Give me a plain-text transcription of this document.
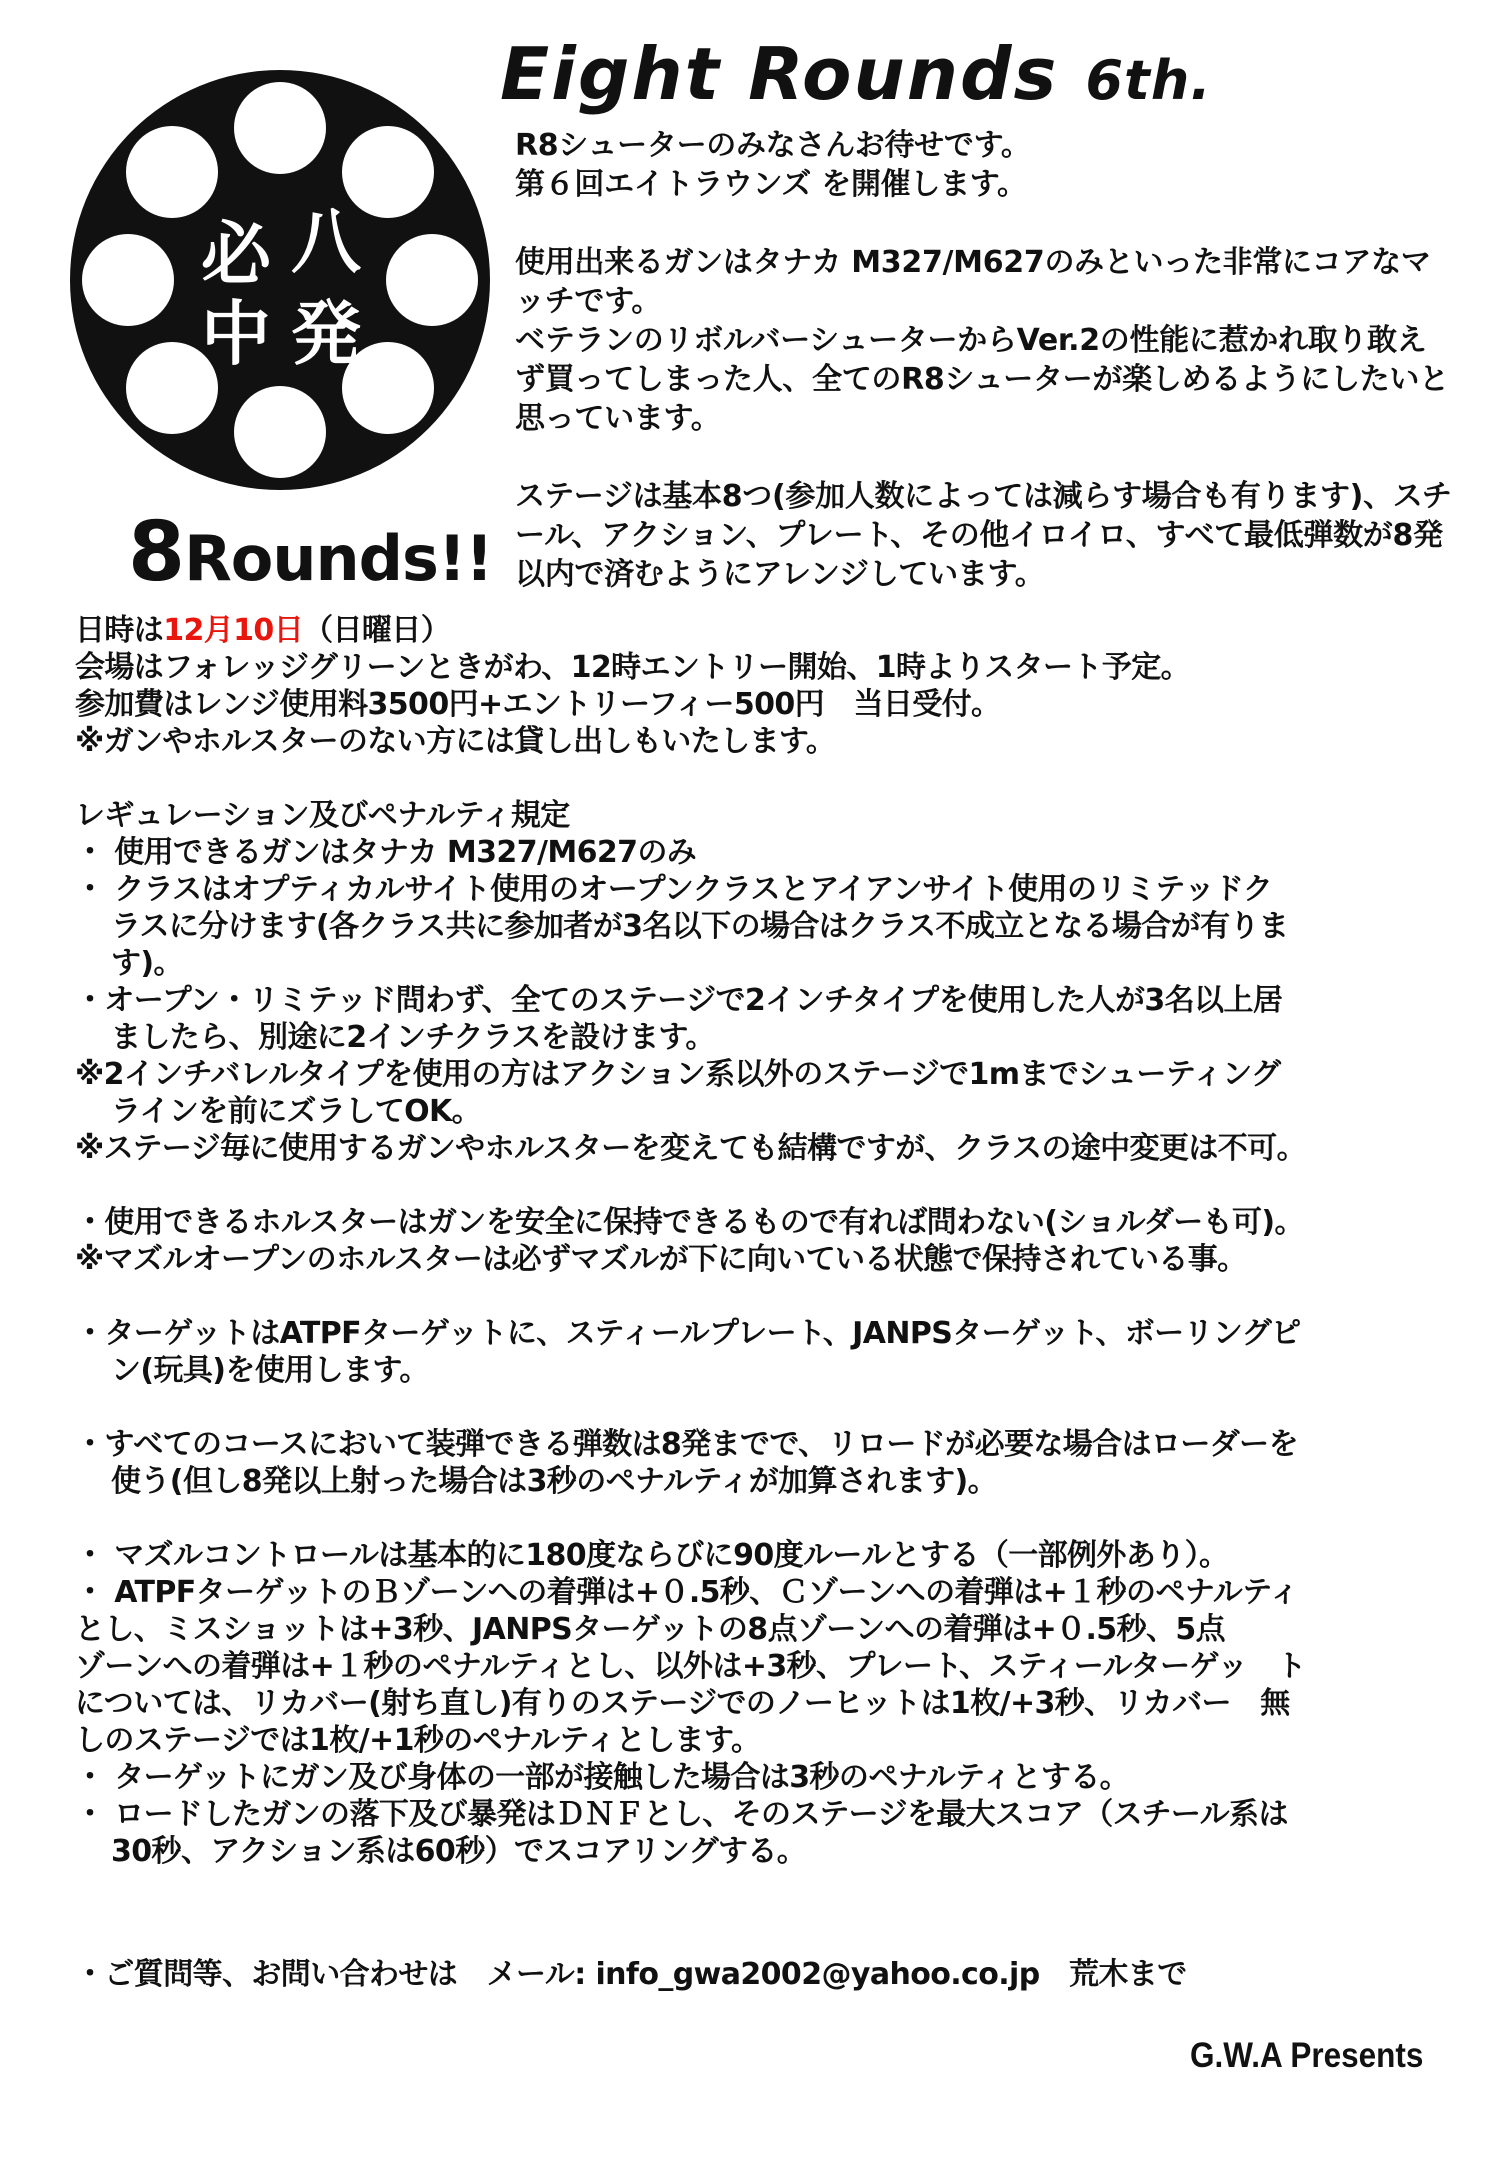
八
発
中
必
8Rounds!!
Eight Rounds 6th.

R8シューターのみなさんお待せです。
第６回エイトラウンズ を開催します。

使用出来るガンはタナカ M327/M627のみといった非常にコアなマッチです。
ベテランのリボルバーシューターからVer.2の性能に惹かれ取り敢えず買ってしまった人、全てのR8シューターが楽しめるようにしたいと思っています。

ステージは基本8つ(参加人数によっては減らす場合も有ります)、スチール、アクション、プレート、その他イロイロ、すべて最低弾数が8発以内で済むようにアレンジしています。

日時は12月10日（日曜日）

会場はフォレッジグリーンときがわ、12時エントリー開始、1時よりスタート予定。

参加費はレンジ使用料3500円+エントリーフィー500円　当日受付。

※ガンやホルスターのない方には貸し出しもいたします。

レギュレーション及びペナルティ規定

・ 使用できるガンはタナカ M327/M627のみ

・ クラスはオプティカルサイト使用のオープンクラスとアイアンサイト使用のリミテッドク

ラスに分けます(各クラス共に参加者が3名以下の場合はクラス不成立となる場合が有りま

す)。

・オープン・リミテッド問わず、全てのステージで2インチタイプを使用した人が3名以上居

ましたら、別途に2インチクラスを設けます。

※2インチバレルタイプを使用の方はアクション系以外のステージで1mまでシューティング

ラインを前にズラしてOK。

※ステージ毎に使用するガンやホルスターを変えても結構ですが、クラスの途中変更は不可。

・使用できるホルスターはガンを安全に保持できるもので有れば問わない(ショルダーも可)。

※マズルオープンのホルスターは必ずマズルが下に向いている状態で保持されている事。

・ターゲットはATPFターゲットに、スティールプレート、JANPSターゲット、ボーリングピ

ン(玩具)を使用します。

・すべてのコースにおいて装弾できる弾数は8発までで、リロードが必要な場合はローダーを

使う(但し8発以上射った場合は3秒のペナルティが加算されます)。

・ マズルコントロールは基本的に180度ならびに90度ルールとする（一部例外あり）。

・ ATPFターゲットのＢゾーンへの着弾は+０.5秒、Ｃゾーンへの着弾は+１秒のペナルティ

とし、ミスショットは+3秒、JANPSターゲットの8点ゾーンへの着弾は+０.5秒、5点

ゾーンへの着弾は+１秒のペナルティとし、以外は+3秒、プレート、スティールターゲッ　ト

については、リカバー(射ち直し)有りのステージでのノーヒットは1枚/+3秒、リカバー　無

しのステージでは1枚/+1秒のペナルティとします。

・ ターゲットにガン及び身体の一部が接触した場合は3秒のペナルティとする。

・ ロードしたガンの落下及び暴発はＤＮＦとし、そのステージを最大スコア（スチール系は

30秒、アクション系は60秒）でスコアリングする。

・ご質問等、お問い合わせは　メール: info_gwa2002@yahoo.co.jp　荒木まで

G.W.A Presents
